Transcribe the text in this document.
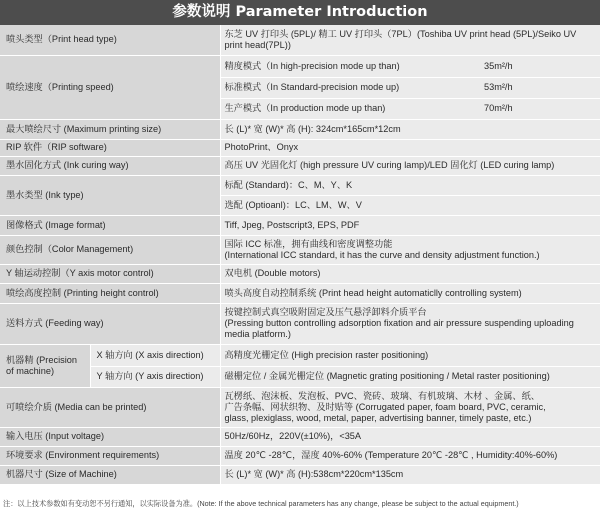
参数说明 Parameter Introduction
喷头类型（Print head type)		东芝 UV 打印头 (5PL)/ 精工 UV 打印头（7PL）(Toshiba UV print head (5PL)/Seiko UV print head(7PL))	
喷绘速度（Printing speed)		精度模式（In high-precision mode up than)	35m²/h
		标准模式（In Standard-precision mode up)	53m²/h
		生产模式（In production mode up than)	70m²/h
最大喷绘尺寸 (Maximum printing size)		长 (L)* 宽 (W)* 高 (H): 324cm*165cm*12cm	
RIP 软件（RIP software)		PhotoPrint、Onyx	
墨水固化方式 (Ink curing way)		高压 UV 光固化灯 (high pressure UV curing lamp)/LED 固化灯 (LED curing lamp)	
墨水类型 (Ink type)		标配 (Standard)：C、M、Y、K	
		选配 (Optioanl)：LC、LM、W、V	
图像格式 (Image format)		Tiff, Jpeg, Postscript3, EPS, PDF	
颜色控制（Color Management)		国际 ICC 标准，拥有曲线和密度调整功能
(International ICC standard, it has the curve and density adjustment function.)	

Y 轴运动控制（Y axis motor control)		双电机 (Double motors)	
喷绘高度控制 (Printing height control)		喷头高度自动控制系统 (Print head height automaticlly controlling system)	
送料方式 (Feeding way)		按键控制式真空吸附固定及压气悬浮卸料介质平台
(Pressing button controlling adsorption fixation and air pressure suspending uploading media platform.)	

机器精 (Precision of machine)	X 轴方向 (X axis direction)	高精度光栅定位 (High precision raster positioning)	
	Y 轴方向 (Y axis direction)	磁栅定位 / 金属光栅定位 (Magnetic grating positioning / Metal raster positioning)	
可喷绘介质 (Media can be printed)		瓦楞纸、泡沫板、发泡板、PVC、瓷砖、玻璃、有机玻璃、木材 、金属、纸、
广告条幅、网状织物、及时贴等 (Corrugated paper, foam board, PVC, ceramic,
glass, plexiglass, wood, metal, paper, advertising banner, timely paste, etc.)	

输入电压 (Input voltage)		50Hz/60Hz，220V(±10%)，<35A	
环境要求 (Environment requirements)		温度 20℃ -28℃，湿度 40%-60% (Temperature 20℃ -28℃ , Humidity:40%-60%)	
机器尺寸 (Size of Machine)		长 (L)* 宽 (W)* 高 (H):538cm*220cm*135cm	
注：以上技术参数如有变动恕不另行通知，以实际设备为准。(Note: If the above technical parameters has any change, please be subject to the actual equipment.)
